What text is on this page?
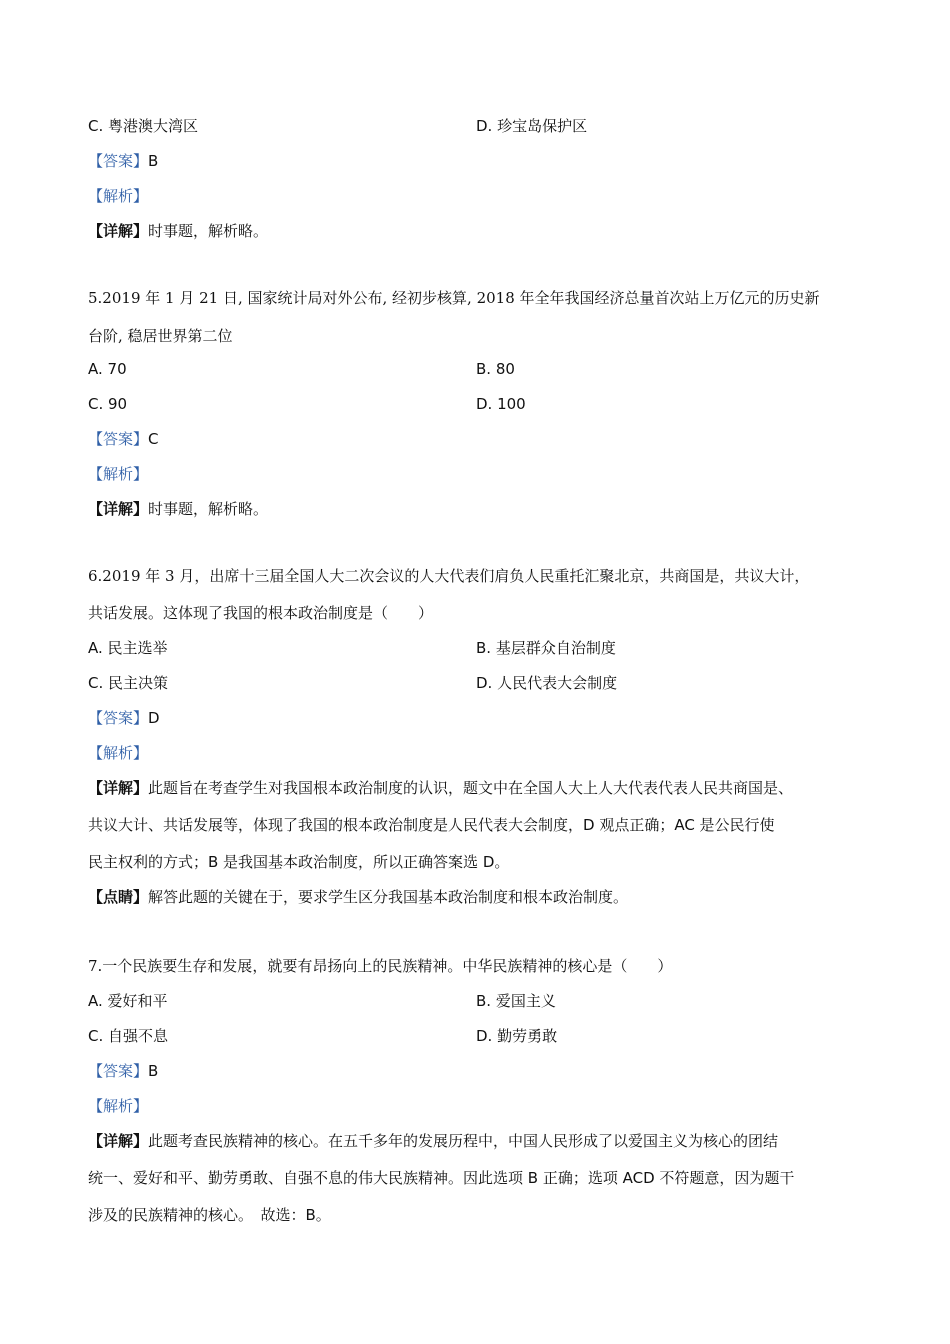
C. 粤港澳大湾区	D. 珍宝岛保护区
【答案】B
【解析】
【详解】时事题，解析略。
5.2019 年 1 月 21 日, 国家统计局对外公布, 经初步核算, 2018 年全年我国经济总量首次站上万亿元的历史新
台阶, 稳居世界第二位
A. 70	B. 80
C. 90	D. 100
【答案】C
【解析】
【详解】时事题，解析略。
6.2019 年 3 月，出席十三届全国人大二次会议的人大代表们肩负人民重托汇聚北京，共商国是，共议大计，
共话发展。这体现了我国的根本政治制度是（　　）
A. 民主选举	B. 基层群众自治制度
C. 民主决策	D. 人民代表大会制度
【答案】D
【解析】
【详解】此题旨在考查学生对我国根本政治制度的认识，题文中在全国人大上人大代表代表人民共商国是、
共议大计、共话发展等，体现了我国的根本政治制度是人民代表大会制度，D 观点正确；AC 是公民行使
民主权利的方式；B 是我国基本政治制度，所以正确答案选 D。
【点睛】解答此题的关键在于，要求学生区分我国基本政治制度和根本政治制度。
7.一个民族要生存和发展，就要有昂扬向上的民族精神。中华民族精神的核心是（　　）
A. 爱好和平	B. 爱国主义
C. 自强不息	D. 勤劳勇敢
【答案】B
【解析】
【详解】此题考查民族精神的核心。在五千多年的发展历程中，中国人民形成了以爱国主义为核心的团结
统一、爱好和平、勤劳勇敢、自强不息的伟大民族精神。因此选项 B 正确；选项 ACD 不符题意，因为题干
涉及的民族精神的核心。　故选：B。
